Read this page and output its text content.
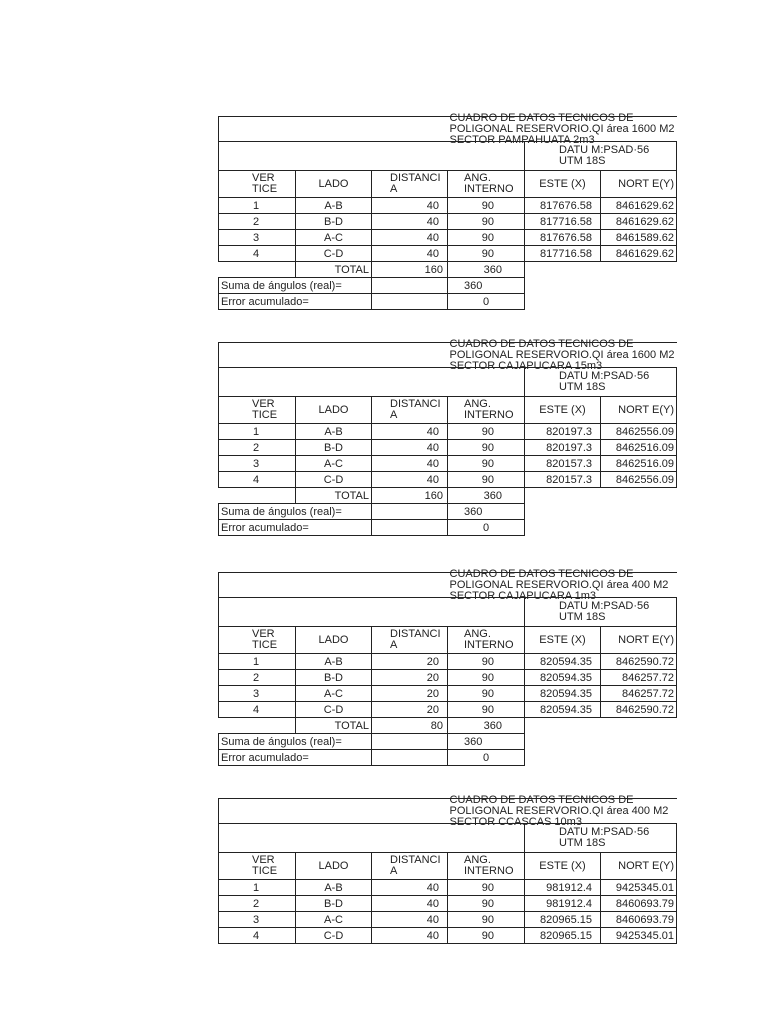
			CUADRO DE DATOS TECNICOS DE POLIGONAL RESERVORIO.QI área 1600 M2 SECTOR PAMPAHUATA 2m3		

				DATU M:PSAD·56 UTM 18S	
VER TICE	LADO	DISTANCI A	ANG. INTERNO	ESTE (X)	NORT E(Y)
1	A-B	40	90	817676.58	8461629.62
2	B-D	40	90	817716.58	8461629.62
3	A-C	40	90	817676.58	8461589.62
4	C-D	40	90	817716.58	8461629.62
	TOTAL	160	360		
Suma de ángulos (real)=			360		
Error acumulado=			0		

			CUADRO DE DATOS TECNICOS DE POLIGONAL RESERVORIO.QI área 1600 M2 SECTOR CAJAPUCARA 15m3		

				DATU M:PSAD·56 UTM 18S	
VER TICE	LADO	DISTANCI A	ANG. INTERNO	ESTE (X)	NORT E(Y)
1	A-B	40	90	820197.3	8462556.09
2	B-D	40	90	820197.3	8462516.09
3	A-C	40	90	820157.3	8462516.09
4	C-D	40	90	820157.3	8462556.09
	TOTAL	160	360		
Suma de ángulos (real)=			360		
Error acumulado=			0		

			CUADRO DE DATOS TECNICOS DE POLIGONAL RESERVORIO.QI área 400 M2 SECTOR CAJAPUCARA 1m3		

				DATU M:PSAD·56 UTM 18S	
VER TICE	LADO	DISTANCI A	ANG. INTERNO	ESTE (X)	NORT E(Y)
1	A-B	20	90	820594.35	8462590.72
2	B-D	20	90	820594.35	846257.72
3	A-C	20	90	820594.35	846257.72
4	C-D	20	90	820594.35	8462590.72
	TOTAL	80	360		
Suma de ángulos (real)=			360		
Error acumulado=			0		

			CUADRO DE DATOS TECNICOS DE POLIGONAL RESERVORIO.QI área 400 M2 SECTOR CCASCAS 10m3		

				DATU M:PSAD·56 UTM 18S	
VER TICE	LADO	DISTANCI A	ANG. INTERNO	ESTE (X)	NORT E(Y)
1	A-B	40	90	981912.4	9425345.01
2	B-D	40	90	981912.4	8460693.79
3	A-C	40	90	820965.15	8460693.79
4	C-D	40	90	820965.15	9425345.01
